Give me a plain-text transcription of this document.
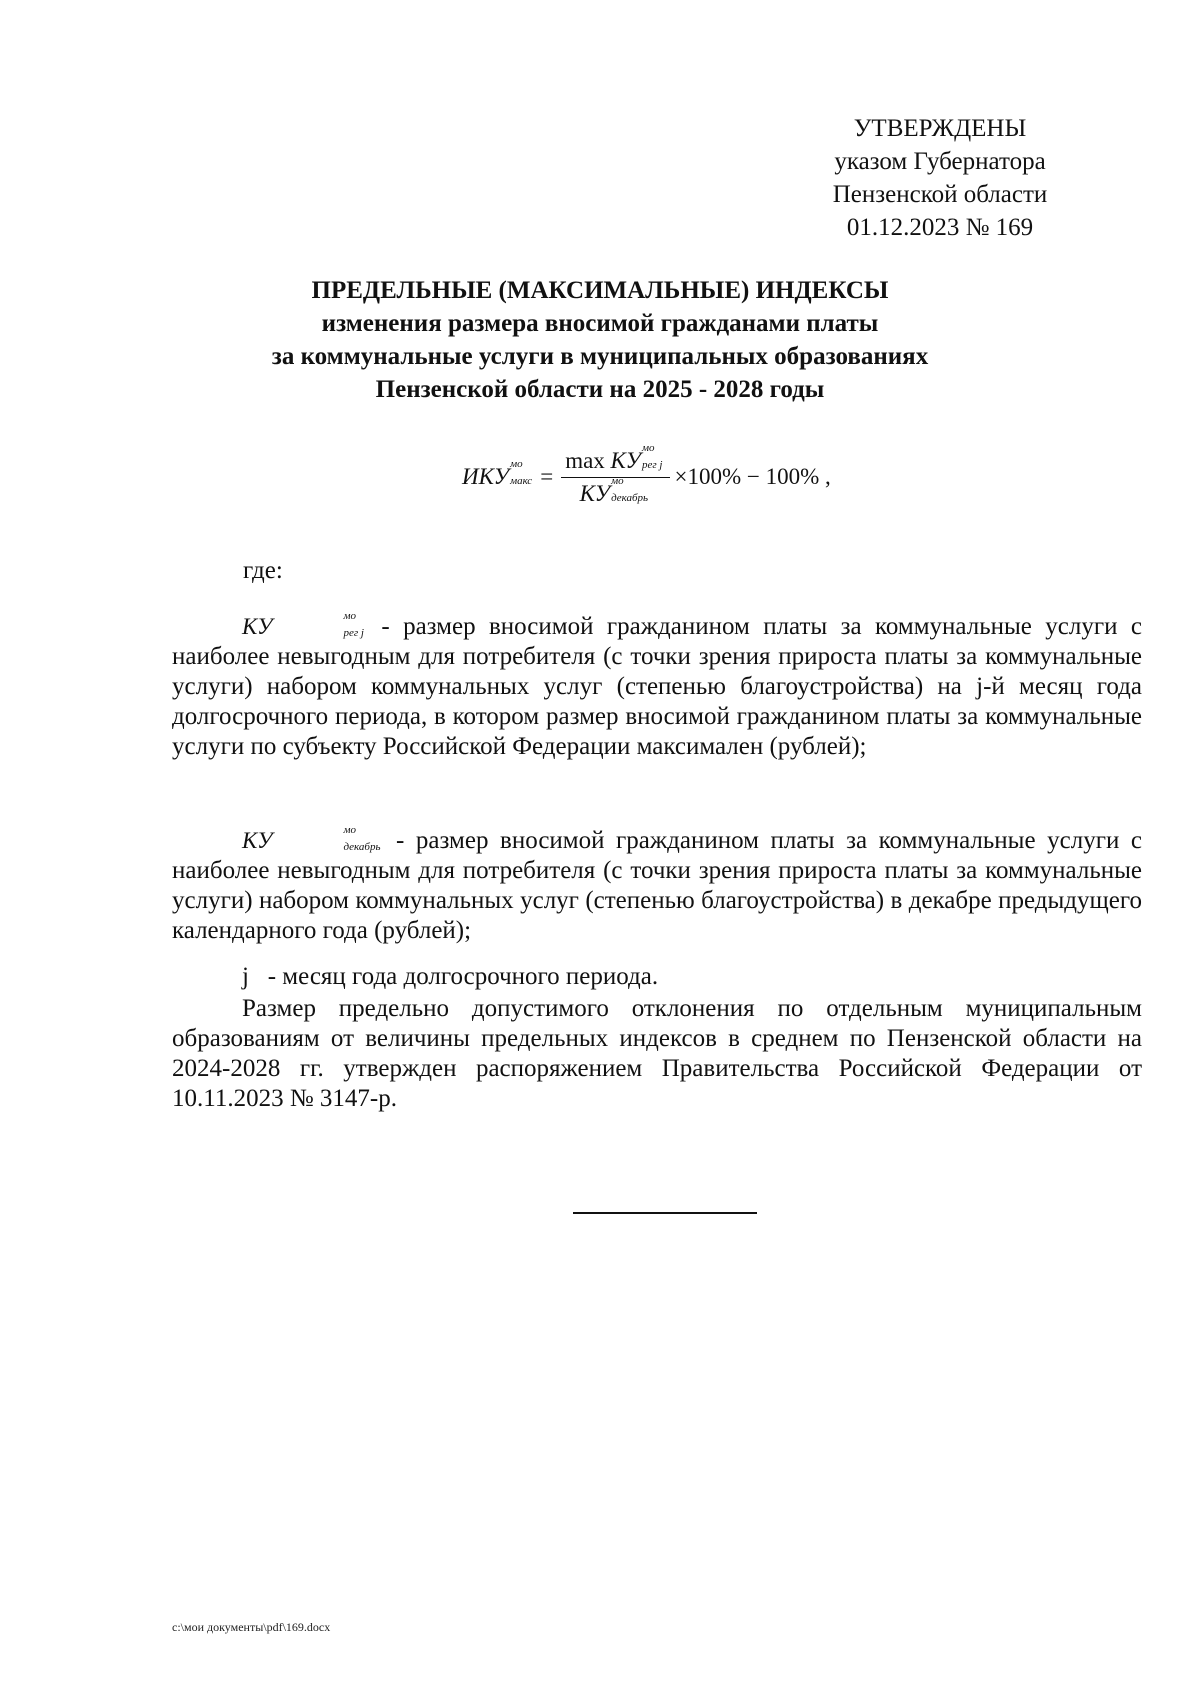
УТВЕРЖДЕНЫ
указом Губернатора
Пензенской области
01.12.2023 № 169
ПРЕДЕЛЬНЫЕ (МАКСИМАЛЬНЫЕ) ИНДЕКСЫ
изменения размера вносимой гражданами платы
за коммунальные услуги в муниципальных образованиях
Пензенской области на 2025 - 2028 годы
ИКУ мо
макс = max
КУ мо
рег j
КУ мо
декабрь ×100% − 100% ,
где:

КУ	мо
рег j - размер вносимой гражданином платы за коммунальные услуги с наиболее невыгодным для потребителя (с точки зрения прироста платы за коммунальные услуги) набором коммунальных услуг (степенью благоустройства) на j-й месяц года долгосрочного периода, в котором размер вносимой гражданином платы за коммунальные услуги по субъекту Российской Федерации максимален (рублей);

КУ	мо
декабрь - размер вносимой гражданином платы за коммунальные услуги с наиболее невыгодным для потребителя (с точки зрения прироста платы за коммунальные услуги) набором коммунальных услуг (степенью благоустройства) в декабре предыдущего календарного года (рублей);

j   - месяц года долгосрочного периода.

Размер предельно допустимого отклонения по отдельным муниципальным образованиям от величины предельных индексов в среднем по Пензенской области на 2024-2028 гг. утвержден распоряжением Правительства Российской Федерации от 10.11.2023 № 3147-р.

c:\мои документы\pdf\169.docx
